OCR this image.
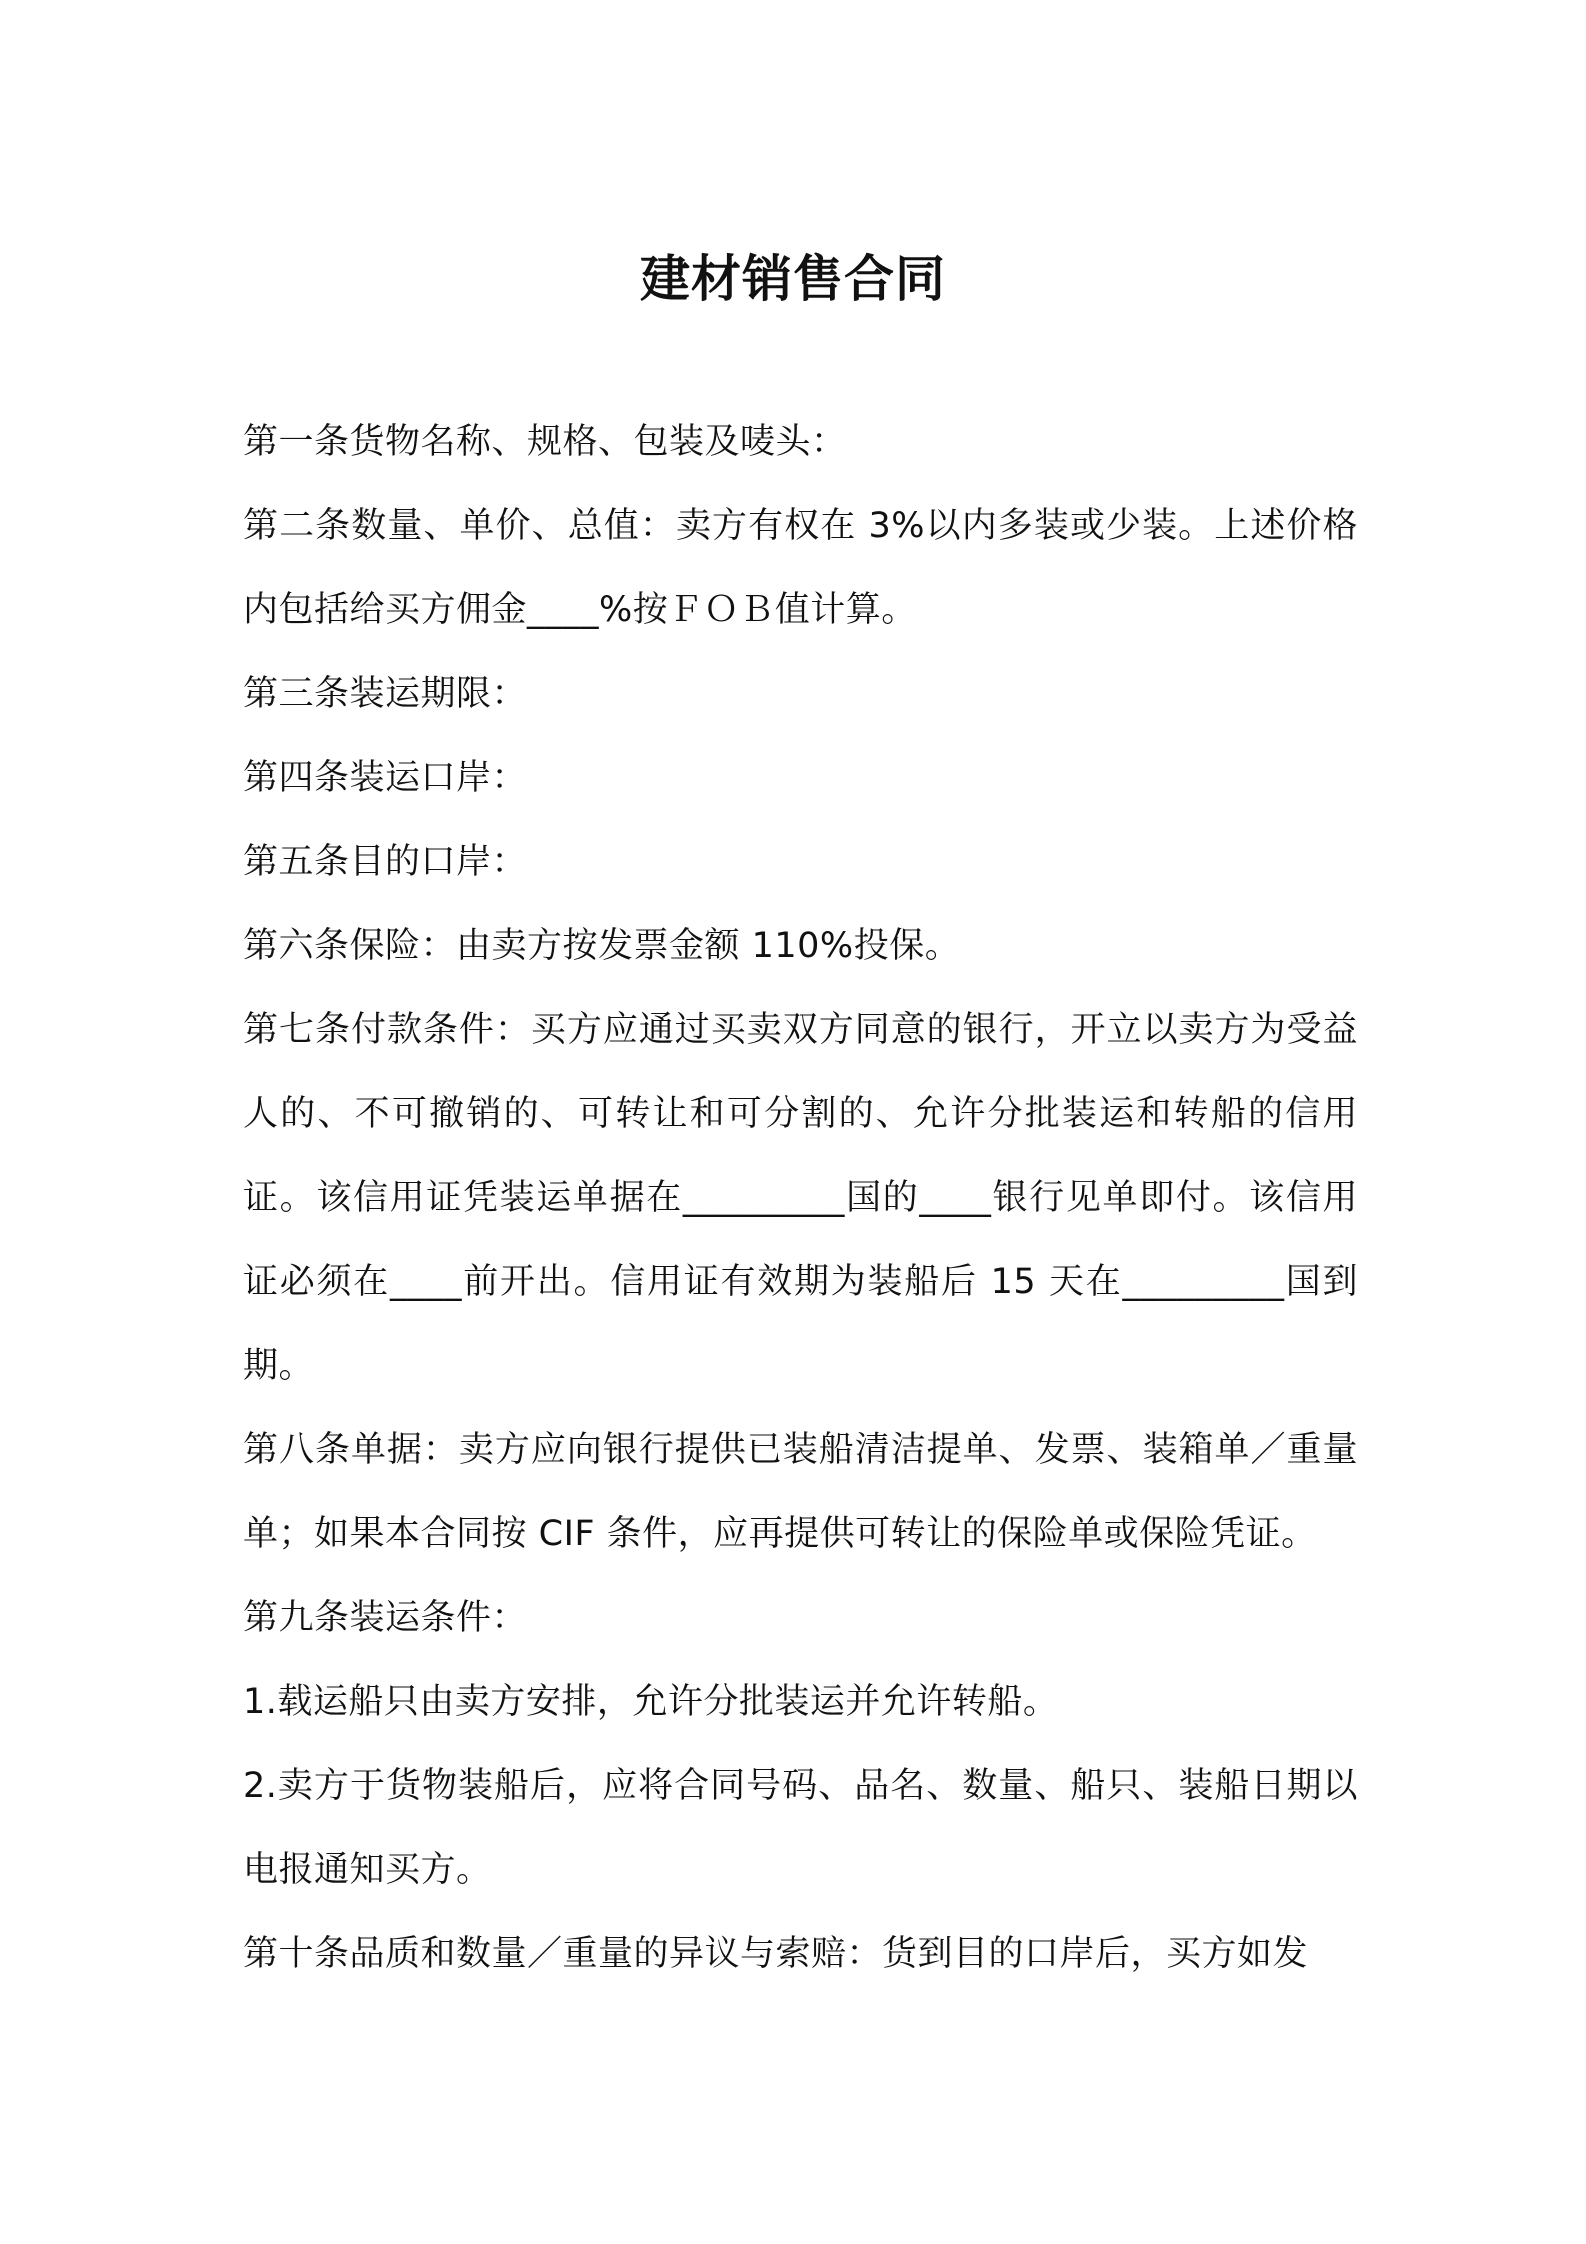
建材销售合同

第一条货物名称、规格、包装及唛头：

第二条数量、单价、总值：卖方有权在 3%以内多装或少装。上述价格内包括给买方佣金____%按ＦＯＢ值计算。

第三条装运期限：

第四条装运口岸：

第五条目的口岸：

第六条保险：由卖方按发票金额 110%投保。

第七条付款条件：买方应通过买卖双方同意的银行，开立以卖方为受益人的、不可撤销的、可转让和可分割的、允许分批装运和转船的信用证。该信用证凭装运单据在_________国的____银行见单即付。该信用证必须在____前开出。信用证有效期为装船后 15 天在_________国到期。

第八条单据：卖方应向银行提供已装船清洁提单、发票、装箱单／重量单；如果本合同按 CIF 条件，应再提供可转让的保险单或保险凭证。

第九条装运条件：

1.载运船只由卖方安排，允许分批装运并允许转船。

2.卖方于货物装船后，应将合同号码、品名、数量、船只、装船日期以电报通知买方。

第十条品质和数量／重量的异议与索赔：货到目的口岸后，买方如发
